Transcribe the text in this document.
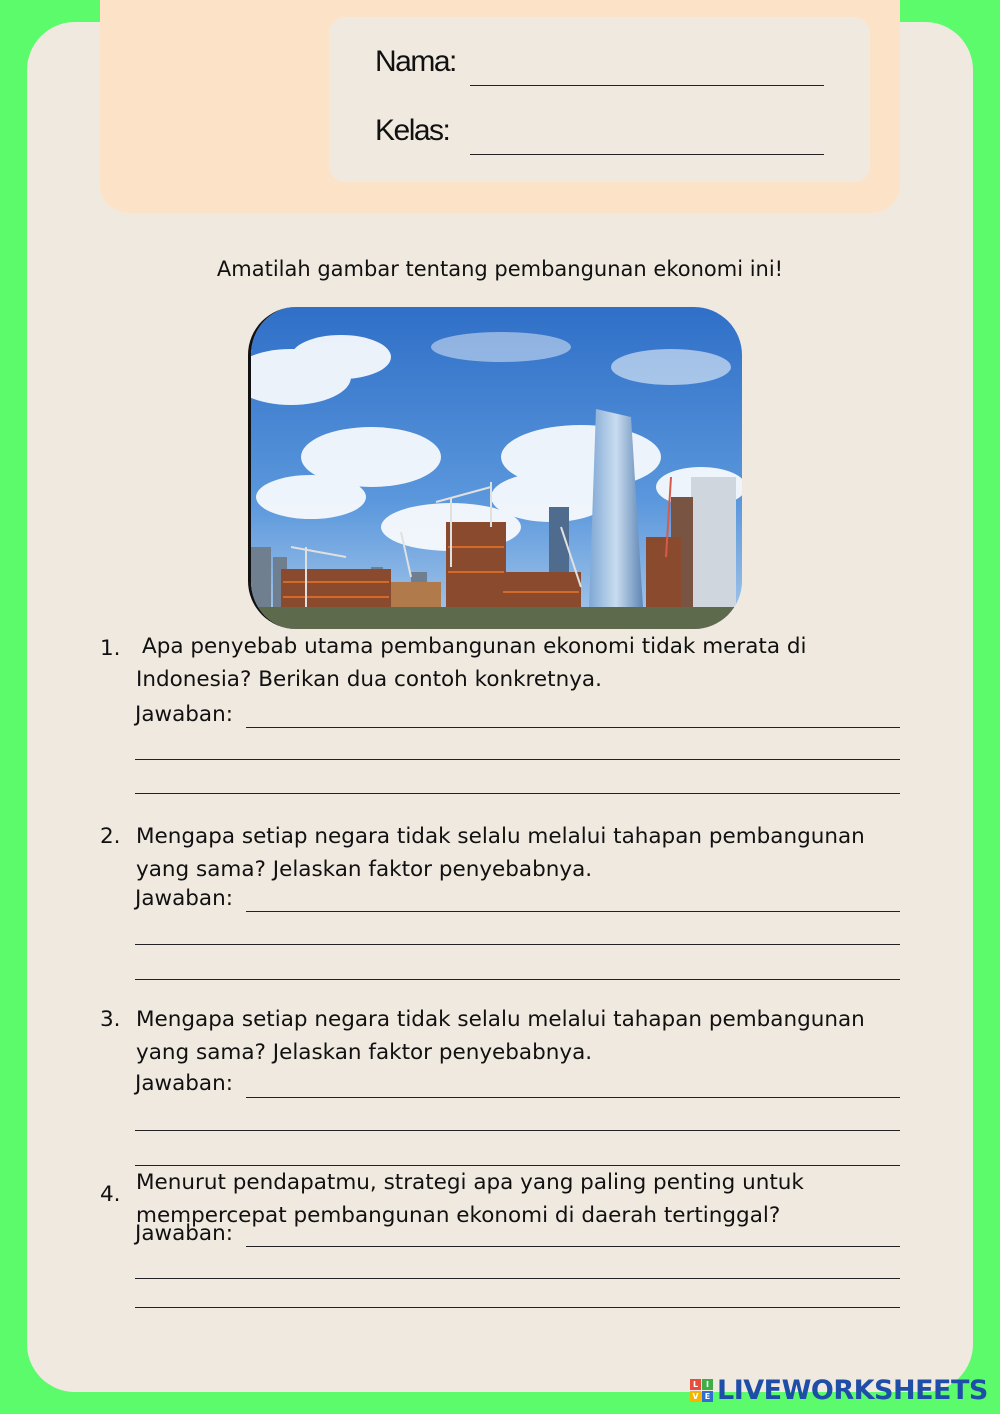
Nama:
Kelas:
Amatilah gambar tentang pembangunan ekonomi ini!
1. Apa penyebab utama pembangunan ekonomi tidak merata di Indonesia? Berikan dua contoh konkretnya.
Jawaban:
2. Mengapa setiap negara tidak selalu melalui tahapan pembangunan yang sama? Jelaskan faktor penyebabnya.
Jawaban:
3. Mengapa setiap negara tidak selalu melalui tahapan pembangunan yang sama? Jelaskan faktor penyebabnya.
Jawaban:
4. Menurut pendapatmu, strategi apa yang paling penting untuk mempercepat pembangunan ekonomi di daerah tertinggal?
Jawaban:
L I
V E LIVEWORKSHEETS
